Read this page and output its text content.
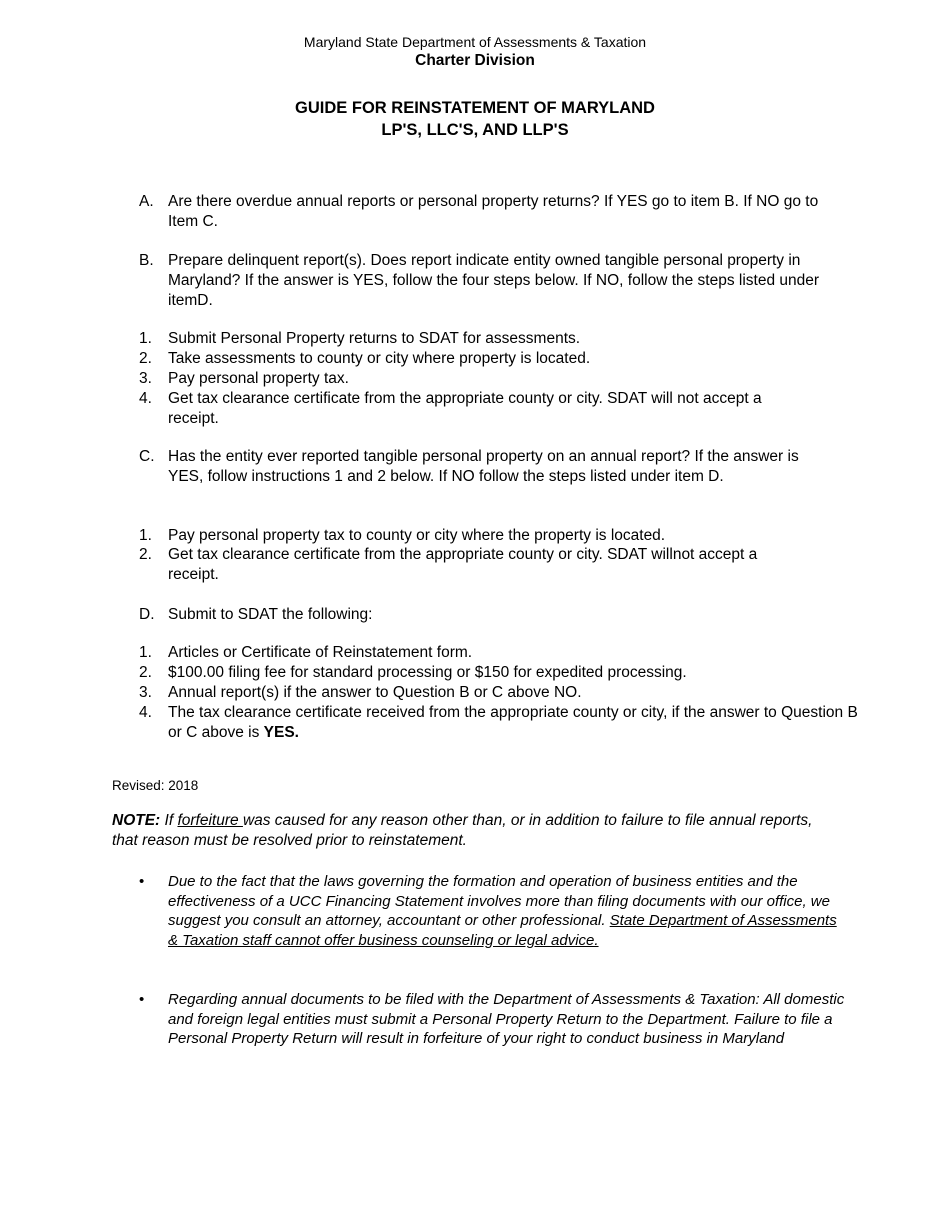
Maryland State Department of Assessments & Taxation
Charter Division
GUIDE FOR REINSTATEMENT OF MARYLAND
LP'S, LLC'S, AND LLP'S
A. Are there overdue annual reports or personal property returns? If YES go to item B. If NO go to Item C.
B. Prepare delinquent report(s). Does report indicate entity owned tangible personal property in Maryland? If the answer is YES, follow the four steps below. If NO, follow the steps listed under itemD.
1.	Submit Personal Property returns to SDAT for assessments.
2.	Take assessments to county or city where property is located.
3.	Pay personal property tax.
4.	Get tax clearance certificate from the appropriate county or city. SDAT will not accept a receipt.
C. Has the entity ever reported tangible personal property on an annual report? If the answer is YES, follow instructions 1 and 2 below. If NO follow the steps listed under item D.
1.	Pay personal property tax to county or city where the property is located.
2.	Get tax clearance certificate from the appropriate county or city. SDAT willnot accept a receipt.
D. Submit to SDAT the following:
1.	Articles or Certificate of Reinstatement form.
2.	$100.00 filing fee for standard processing or $150 for expedited processing.
3.	Annual report(s) if the answer to Question B or C above NO.
4.	The tax clearance certificate received from the appropriate county or city, if the answer to Question B or C above is YES.
Revised: 2018
NOTE: If forfeiture was caused for any reason other than, or in addition to failure to file annual reports, that reason must be resolved prior to reinstatement.
• Due to the fact that the laws governing the formation and operation of business entities and the effectiveness of a UCC Financing Statement involves more than filing documents with our office, we suggest you consult an attorney, accountant or other professional. State Department of Assessments & Taxation staff cannot offer business counseling or legal advice.
• Regarding annual documents to be filed with the Department of Assessments & Taxation: All domestic and foreign legal entities must submit a Personal Property Return to the Department. Failure to file a Personal Property Return will result in forfeiture of your right to conduct business in Maryland
